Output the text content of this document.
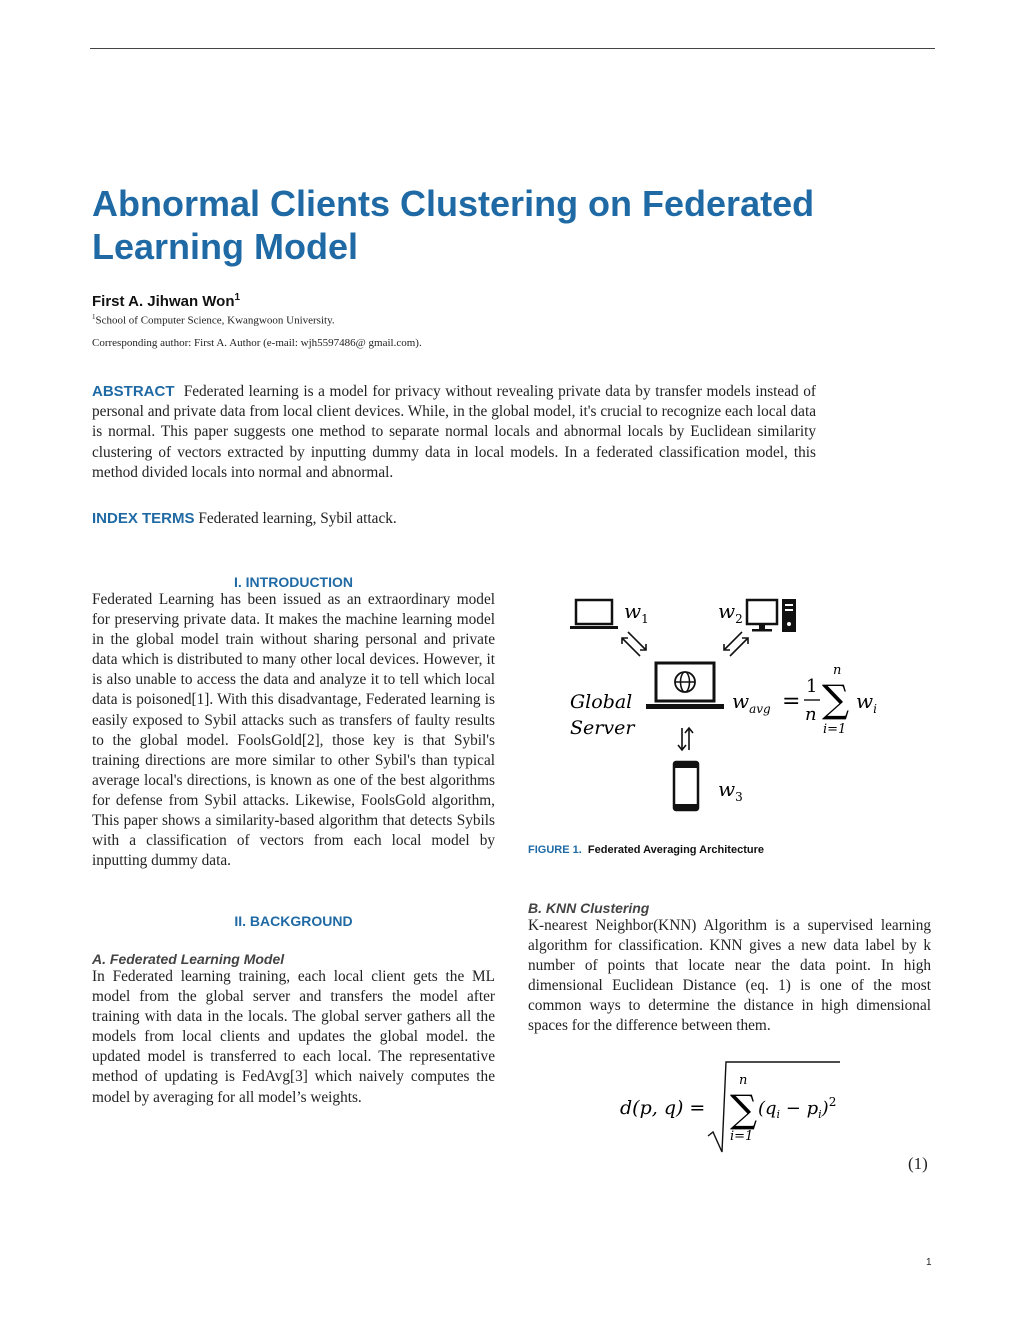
Abnormal Clients Clustering on Federated Learning Model
First A. Jihwan Won$^1$
$^1$School of Computer Science, Kwangwoon University.
Corresponding author: First A. Author (e-mail: wjh5597486@ gmail.com).

ABSTRACT Federated learning is a model for privacy without revealing private data by transfer models instead of personal and private data from local client devices. While, in the global model, it's crucial to recognize each local data is normal. This paper suggests one method to separate normal locals and abnormal locals by Euclidean similarity clustering of vectors extracted by inputting dummy data in local models. In a federated classification model, this method divided locals into normal and abnormal.

INDEX TERMS Federated learning, Sybil attack.
I. INTRODUCTION

Federated Learning has been issued as an extraordinary model for preserving private data. It makes the machine learning model in the global model train without sharing personal and private data which is distributed to many other local devices. However, it is also unable to access the data and analyze it to tell which local data is poisoned[1]. With this disadvantage, Federated learning is easily exposed to Sybil attacks such as transfers of faulty results to the global model. FoolsGold[2], those key is that Sybil's training directions are more similar to other Sybil's than typical average local's directions, is known as one of the best algorithms for defense from Sybil attacks. Likewise, FoolsGold algorithm, This paper shows a similarity-based algorithm that detects Sybils with a classification of vectors from each local model by inputting dummy data.

II. BACKGROUND
A. Federated Learning Model

In Federated learning training, each local client gets the ML model from the global server and transfers the model after training with data in the locals. The global server gathers all the models from local clients and updates the global model. the updated model is transferred to each local. The representative method of updating is FedAvg[3] which naively computes the model by averaging for all model’s weights.

$w_1$	$w_2$
Global
Server
$w_{avg}$ =
1
n
n
∑
i=1
$w_i$
$w_3$
FIGURE 1. Federated Averaging Architecture
B. KNN Clustering

K-nearest Neighbor(KNN) Algorithm is a supervised learning algorithm for classification. KNN gives a new data label by k number of points that locate near the data point. In high dimensional Euclidean Distance (eq. 1) is one of the most common ways to determine the distance in high dimensional spaces for the difference between them.

d(p, q) =
n
∑
i=1
$(q_i - p_i)^2$
(1)
1
